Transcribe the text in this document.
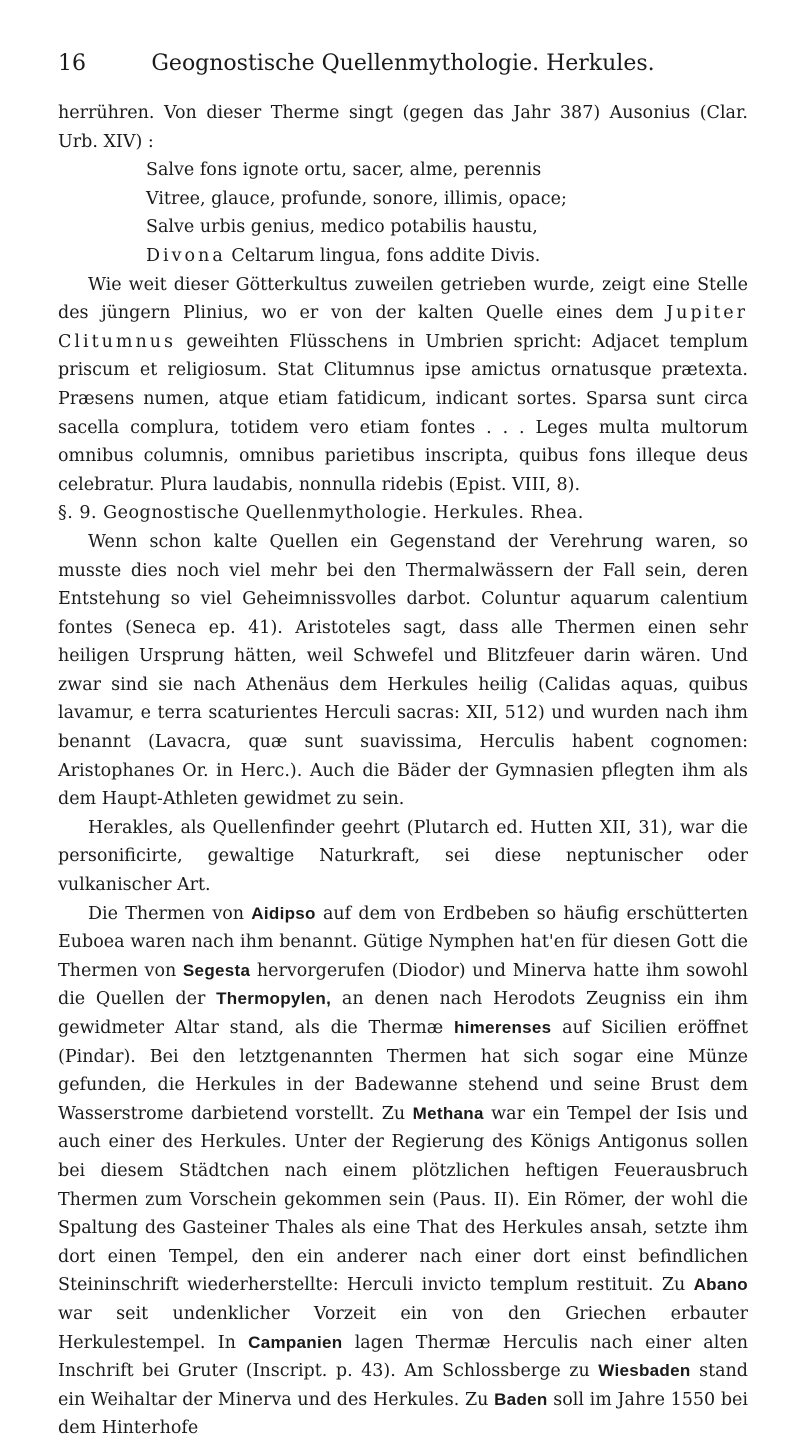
16	Geognostische Quellenmythologie. Herkules.

herrühren. Von dieser Therme singt (gegen das Jahr 387) Ausonius (Clar. Urb. XIV) :

Salve fons ignote ortu, sacer, alme, perennis

Vitree, glauce, profunde, sonore, illimis, opace;

Salve urbis genius, medico potabilis haustu,

Divona Celtarum lingua, fons addite Divis.

Wie weit dieser Götterkultus zuweilen getrieben wurde, zeigt eine Stelle des jüngern Plinius, wo er von der kalten Quelle eines dem Jupiter Clitumnus geweihten Flüsschens in Umbrien spricht: Adjacet templum priscum et religiosum. Stat Clitumnus ipse amictus ornatusque prætexta. Præsens numen, atque etiam fatidicum, indicant sortes. Sparsa sunt circa sacella complura, totidem vero etiam fontes . . . Leges multa multorum omnibus columnis, omnibus parietibus inscripta, quibus fons illeque deus celebratur. Plura laudabis, nonnulla ridebis (Epist. VIII, 8).

§. 9. Geognostische Quellenmythologie. Herkules. Rhea.

Wenn schon kalte Quellen ein Gegenstand der Verehrung waren, so musste dies noch viel mehr bei den Thermalwässern der Fall sein, deren Entstehung so viel Geheimnissvolles darbot. Coluntur aquarum calentium fontes (Seneca ep. 41). Aristoteles sagt, dass alle Thermen einen sehr heiligen Ursprung hätten, weil Schwefel und Blitzfeuer darin wären. Und zwar sind sie nach Athenäus dem Herkules heilig (Calidas aquas, quibus lavamur, e terra scaturientes Herculi sacras: XII, 512) und wurden nach ihm benannt (Lavacra, quæ sunt suavissima, Herculis habent cognomen: Aristophanes Or. in Herc.). Auch die Bäder der Gymnasien pflegten ihm als dem Haupt-Athleten gewidmet zu sein.

Herakles, als Quellenfinder geehrt (Plutarch ed. Hutten XII, 31), war die personificirte, gewaltige Naturkraft, sei diese neptunischer oder vulkanischer Art.

Die Thermen von Aidipso auf dem von Erdbeben so häufig erschütterten Euboea waren nach ihm benannt. Gütige Nymphen hat'en für diesen Gott die Thermen von Segesta hervorgerufen (Diodor) und Minerva hatte ihm sowohl die Quellen der Thermopylen, an denen nach Herodots Zeugniss ein ihm gewidmeter Altar stand, als die Thermæ himerenses auf Sicilien eröffnet (Pindar). Bei den letztgenannten Thermen hat sich sogar eine Münze gefunden, die Herkules in der Badewanne stehend und seine Brust dem Wasserstrome darbietend vorstellt. Zu Methana war ein Tempel der Isis und auch einer des Herkules. Unter der Regierung des Königs Antigonus sollen bei diesem Städtchen nach einem plötzlichen heftigen Feuerausbruch Thermen zum Vorschein gekommen sein (Paus. II). Ein Römer, der wohl die Spaltung des Gasteiner Thales als eine That des Herkules ansah, setzte ihm dort einen Tempel, den ein anderer nach einer dort einst befindlichen Steininschrift wiederherstellte: Herculi invicto templum restituit. Zu Abano war seit undenklicher Vorzeit ein von den Griechen erbauter Herkulestempel. In Campanien lagen Thermæ Herculis nach einer alten Inschrift bei Gruter (Inscript. p. 43). Am Schlossberge zu Wiesbaden stand ein Weihaltar der Minerva und des Herkules. Zu Baden soll im Jahre 1550 bei dem Hinterhofe
